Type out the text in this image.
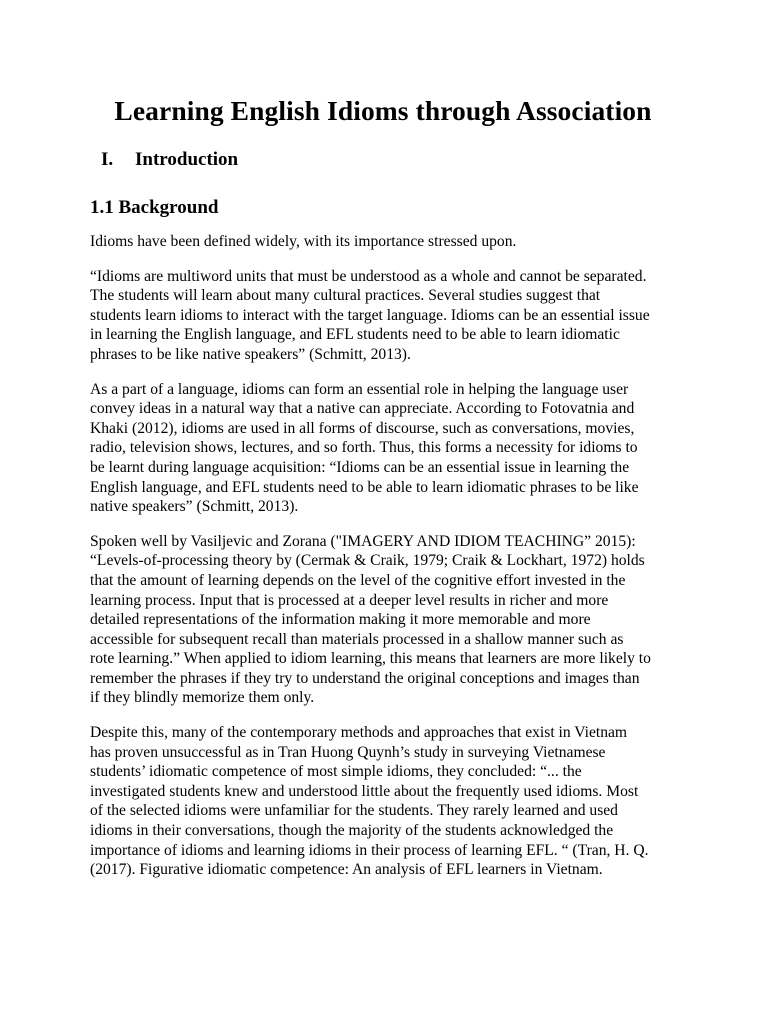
Learning English Idioms through Association
I.	Introduction
1.1 Background

Idioms have been defined widely, with its importance stressed upon.

“Idioms are multiword units that must be understood as a whole and cannot be separated.
The students will learn about many cultural practices. Several studies suggest that
students learn idioms to interact with the target language. Idioms can be an essential issue
in learning the English language, and EFL students need to be able to learn idiomatic
phrases to be like native speakers” (Schmitt, 2013).

As a part of a language, idioms can form an essential role in helping the language user
convey ideas in a natural way that a native can appreciate. According to Fotovatnia and
Khaki (2012), idioms are used in all forms of discourse, such as conversations, movies,
radio, television shows, lectures, and so forth. Thus, this forms a necessity for idioms to
be learnt during language acquisition: “Idioms can be an essential issue in learning the
English language, and EFL students need to be able to learn idiomatic phrases to be like
native speakers” (Schmitt, 2013).

Spoken well by Vasiljevic and Zorana ("IMAGERY AND IDIOM TEACHING” 2015):
“Levels-of-processing theory by (Cermak & Craik, 1979; Craik & Lockhart, 1972) holds
that the amount of learning depends on the level of the cognitive effort invested in the
learning process. Input that is processed at a deeper level results in richer and more
detailed representations of the information making it more memorable and more
accessible for subsequent recall than materials processed in a shallow manner such as
rote learning.” When applied to idiom learning, this means that learners are more likely to
remember the phrases if they try to understand the original conceptions and images than
if they blindly memorize them only.

Despite this, many of the contemporary methods and approaches that exist in Vietnam
has proven unsuccessful as in Tran Huong Quynh’s study in surveying Vietnamese
students’ idiomatic competence of most simple idioms, they concluded: “... the
investigated students knew and understood little about the frequently used idioms. Most
of the selected idioms were unfamiliar for the students. They rarely learned and used
idioms in their conversations, though the majority of the students acknowledged the
importance of idioms and learning idioms in their process of learning EFL. “ (Tran, H. Q.
(2017). Figurative idiomatic competence: An analysis of EFL learners in Vietnam.
